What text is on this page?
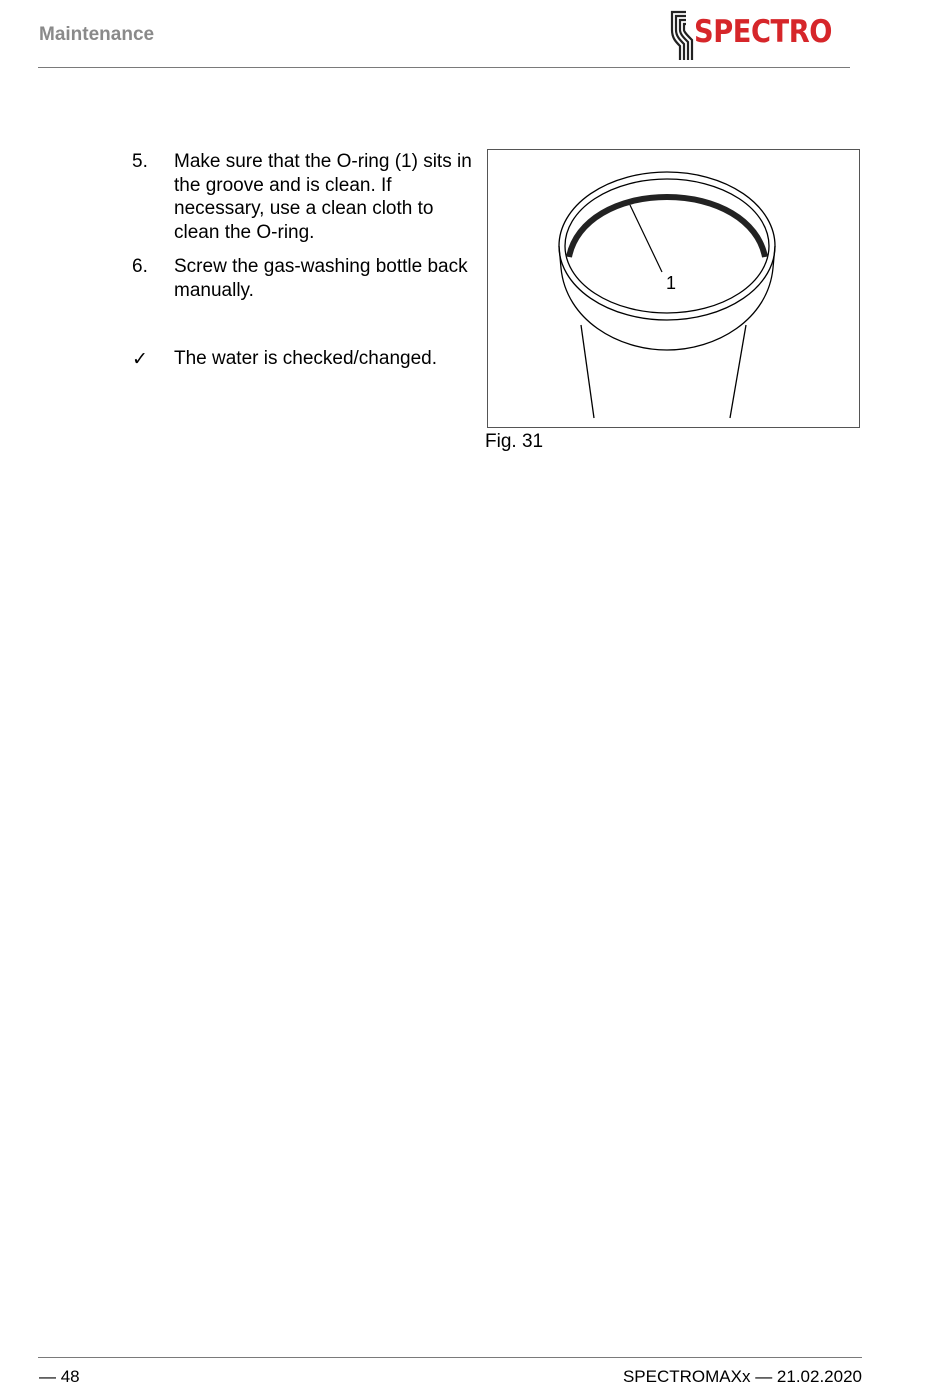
Maintenance	SPECTRO
5.	Make sure that the O-ring (1) sits in the groove and is clean. If necessary, use a clean cloth to clean the O-ring.
6.	Screw the gas-washing bottle back manually.
✓	The water is checked/changed.
1
Fig. 31
— 48	SPECTROMAXx — 21.02.2020
